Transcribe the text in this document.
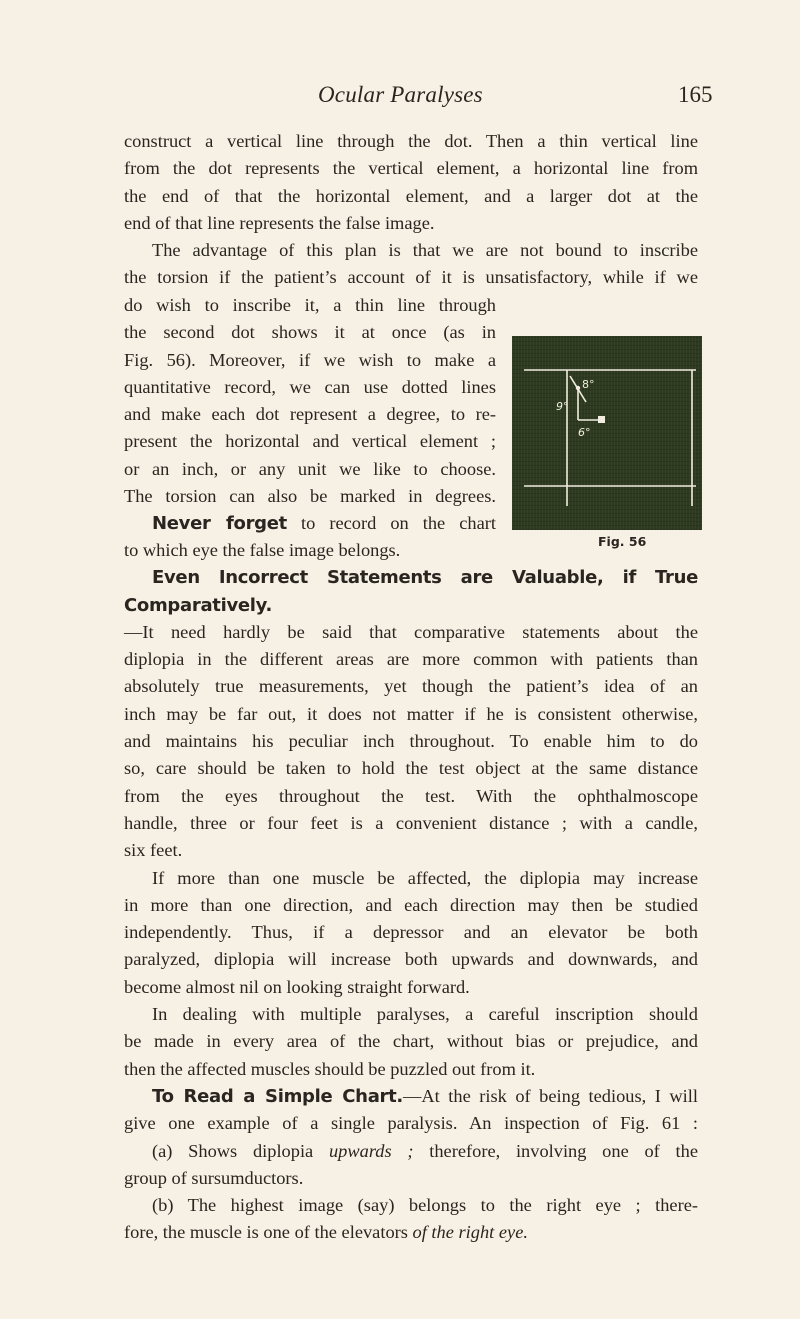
Ocular Paralyses	165

construct a vertical line through the dot. Then a thin vertical line

from the dot represents the vertical element, a horizontal line from

the end of that the horizontal element, and a larger dot at the

end of that line represents the false image.

The advantage of this plan is that we are not bound to inscribe

the torsion if the patient’s account of it is unsatisfactory, while if we

do wish to inscribe it, a thin line through

the second dot shows it at once (as in

Fig. 56). Moreover, if we wish to make a

quantitative record, we can use dotted lines

and make each dot represent a degree, to re-

present the horizontal and vertical element ;

or an inch, or any unit we like to choose.

The torsion can also be marked in degrees.

Never forget to record on the chart

8°
9°
6°
Fig. 56

to which eye the false image belongs.

Even Incorrect Statements are Valuable, if True Comparatively.

—It need hardly be said that comparative statements about the

diplopia in the different areas are more common with patients than

absolutely true measurements, yet though the patient’s idea of an

inch may be far out, it does not matter if he is consistent otherwise,

and maintains his peculiar inch throughout. To enable him to do

so, care should be taken to hold the test object at the same distance

from the eyes throughout the test. With the ophthalmoscope

handle, three or four feet is a convenient distance ; with a candle,

six feet.

If more than one muscle be affected, the diplopia may increase

in more than one direction, and each direction may then be studied

independently. Thus, if a depressor and an elevator be both

paralyzed, diplopia will increase both upwards and downwards, and

become almost nil on looking straight forward.

In dealing with multiple paralyses, a careful inscription should

be made in every area of the chart, without bias or prejudice, and

then the affected muscles should be puzzled out from it.

To Read a Simple Chart.—At the risk of being tedious, I will

give one example of a single paralysis. An inspection of Fig. 61 :

(a) Shows diplopia upwards ; therefore, involving one of the

group of sursumductors.

(b) The highest image (say) belongs to the right eye ; there-

fore, the muscle is one of the elevators of the right eye.
